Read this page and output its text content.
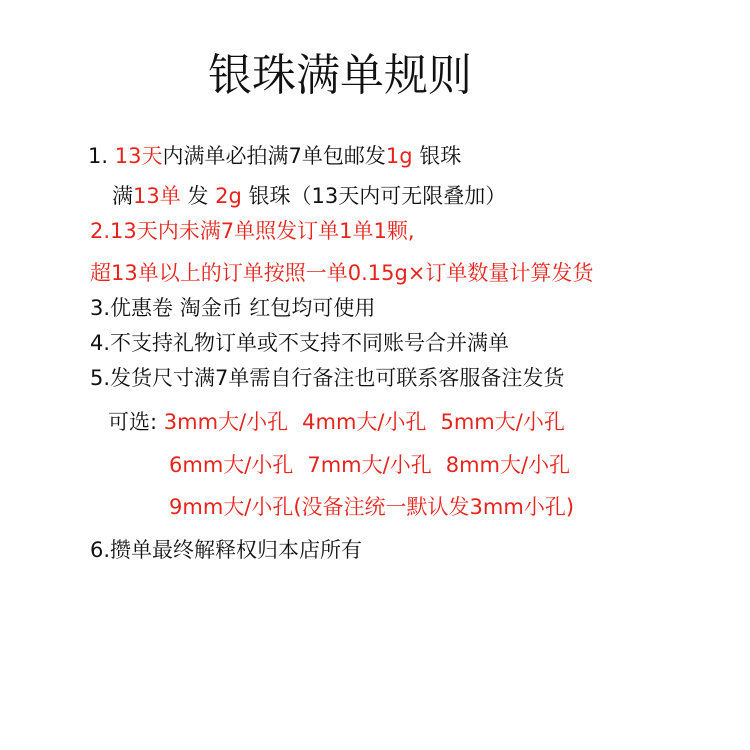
银珠满单规则
1. 13天内满单必拍满7单包邮发1g 银珠
满13单 发 2g 银珠（13天内可无限叠加）
2.13天内未满7单照发订单1单1颗,
超13单以上的订单按照一单0.15g×订单数量计算发货
3.优惠卷 淘金币 红包均可使用
4.不支持礼物订单或不支持不同账号合并满单
5.发货尺寸满7单需自行备注也可联系客服备注发货
可选: 3mm大/小孔 4mm大/小孔 5mm大/小孔
6mm大/小孔 7mm大/小孔 8mm大/小孔
9mm大/小孔(没备注统一默认发3mm小孔)
6.攒单最终解释权归本店所有
